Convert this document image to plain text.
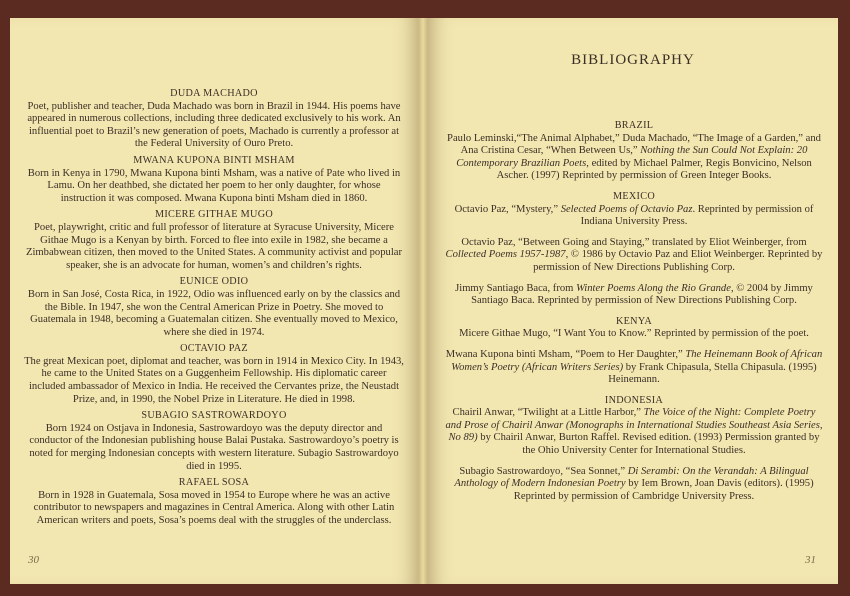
DUDA MACHADO

Poet, publisher and teacher, Duda Machado was born in Brazil in 1944. His poems have appeared in numerous collections, including three dedicated exclusively to his work. An influential poet to Brazil’s new generation of poets, Machado is currently a professor at the Federal University of Ouro Preto.

MWANA KUPONA BINTI MSHAM

Born in Kenya in 1790, Mwana Kupona binti Msham, was a native of Pate who lived in Lamu. On her deathbed, she dictated her poem to her only daughter, for whose instruction it was composed. Mwana Kupona binti Msham died in 1860.

MICERE GITHAE MUGO

Poet, playwright, critic and full professor of literature at Syracuse University, Micere Githae Mugo is a Kenyan by birth. Forced to flee into exile in 1982, she became a Zimbabwean citizen, then moved to the United States. A community activist and popular speaker, she is an advocate for human, women’s and children’s rights.

EUNICE ODIO

Born in San José, Costa Rica, in 1922, Odio was influenced early on by the classics and the Bible. In 1947, she won the Central American Prize in Poetry. She moved to Guatemala in 1948, becoming a Guatemalan citizen. She eventually moved to Mexico, where she died in 1974.

OCTAVIO PAZ

The great Mexican poet, diplomat and teacher, was born in 1914 in Mexico City. In 1943, he came to the United States on a Guggenheim Fellowship. His diplomatic career included ambassador of Mexico in India. He received the Cervantes prize, the Neustadt Prize, and, in 1990, the Nobel Prize in Literature. He died in 1998.

SUBAGIO SASTROWARDOYO

Born 1924 on Ostjava in Indonesia, Sastrowardoyo was the deputy director and conductor of the Indonesian publishing house Balai Pustaka. Sastrowardoyo’s poetry is noted for merging Indonesian concepts with western literature. Subagio Sastrowardoyo died in 1995.

RAFAEL SOSA

Born in 1928 in Guatemala, Sosa moved in 1954 to Europe where he was an active contributor to newspapers and magazines in Central America. Along with other Latin American writers and poets, Sosa’s poems deal with the struggles of the underclass.

30
BIBLIOGRAPHY

BRAZIL

Paulo Leminski,“The Animal Alphabet,” Duda Machado, “The Image of a Garden,” and Ana Cristina Cesar, “When Between Us,” Nothing the Sun Could Not Explain: 20 Contemporary Brazilian Poets, edited by Michael Palmer, Regis Bonvicino, Nelson Ascher. (1997) Reprinted by permission of Green Integer Books.

MEXICO

Octavio Paz, “Mystery,” Selected Poems of Octavio Paz. Reprinted by permission of Indiana University Press.

Octavio Paz, “Between Going and Staying,” translated by Eliot Weinberger, from Collected Poems 1957-1987, © 1986 by Octavio Paz and Eliot Weinberger. Reprinted by permission of New Directions Publishing Corp.

Jimmy Santiago Baca, from Winter Poems Along the Rio Grande, © 2004 by Jimmy Santiago Baca. Reprinted by permission of New Directions Publishing Corp.

KENYA

Micere Githae Mugo, “I Want You to Know.” Reprinted by permission of the poet.

Mwana Kupona binti Msham, “Poem to Her Daughter,” The Heinemann Book of African Women’s Poetry (African Writers Series) by Frank Chipasula, Stella Chipasula. (1995) Heinemann.

INDONESIA

Chairil Anwar, “Twilight at a Little Harbor,” The Voice of the Night: Complete Poetry and Prose of Chairil Anwar (Monographs in International Studies Southeast Asia Series, No 89) by Chairil Anwar, Burton Raffel. Revised edition. (1993) Permission granted by the Ohio University Center for International Studies.

Subagio Sastrowardoyo, “Sea Sonnet,” Di Serambi: On the Verandah: A Bilingual Anthology of Modern Indonesian Poetry by Iem Brown, Joan Davis (editors). (1995) Reprinted by permission of Cambridge University Press.

31
